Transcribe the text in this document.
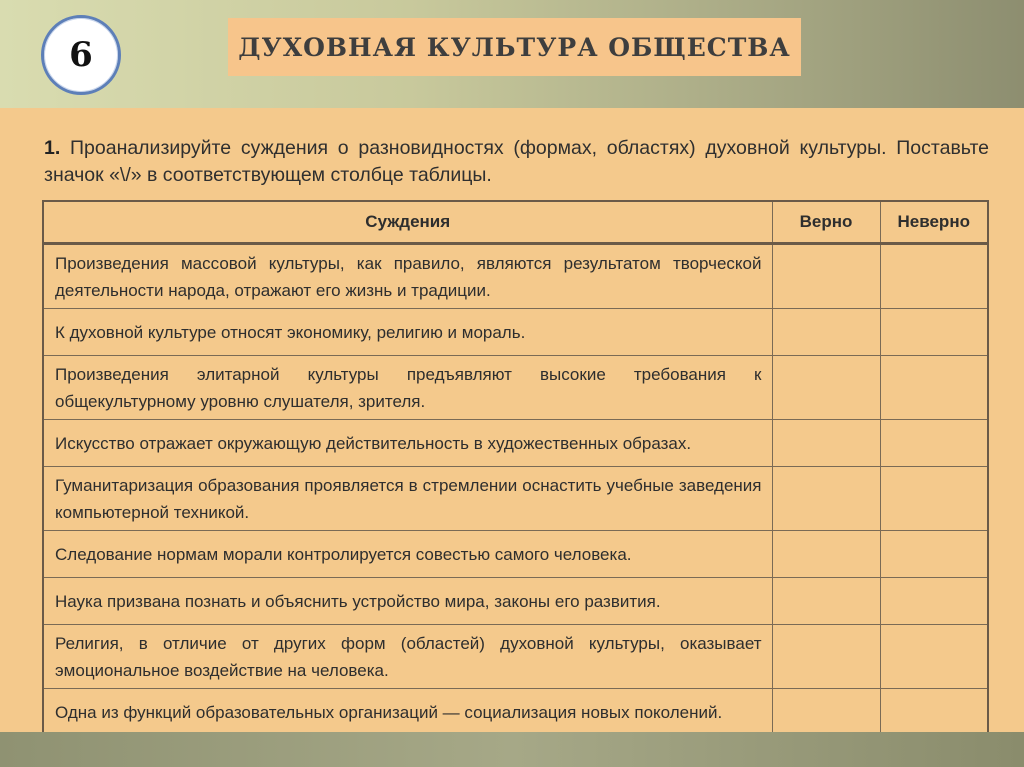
6	ДУХОВНАЯ КУЛЬТУРА ОБЩЕСТВА
1. Проанализируйте суждения о разновидностях (формах, областях) духовной культуры. Поставьте значок «\/» в соответствующем столбце таблицы.
Суждения	Верно	Неверно
Произведения массовой культуры, как правило, являются результатом творческой деятельности народа, отражают его жизнь и традиции.		
К духовной культуре относят экономику, религию и мораль.		
Произведения элитарной культуры предъявляют высокие требования к общекультурному уровню слушателя, зрителя.		
Искусство отражает окружающую действительность в художественных образах.		
Гуманитаризация образования проявляется в стремлении оснастить учебные заведения компьютерной техникой.		
Следование нормам морали контролируется совестью самого человека.		
Наука призвана познать и объяснить устройство мира, законы его развития.		
Религия, в отличие от других форм (областей) духовной культуры, оказывает эмоциональное воздействие на человека.		
Одна из функций образовательных организаций — социализация новых поколений.		
